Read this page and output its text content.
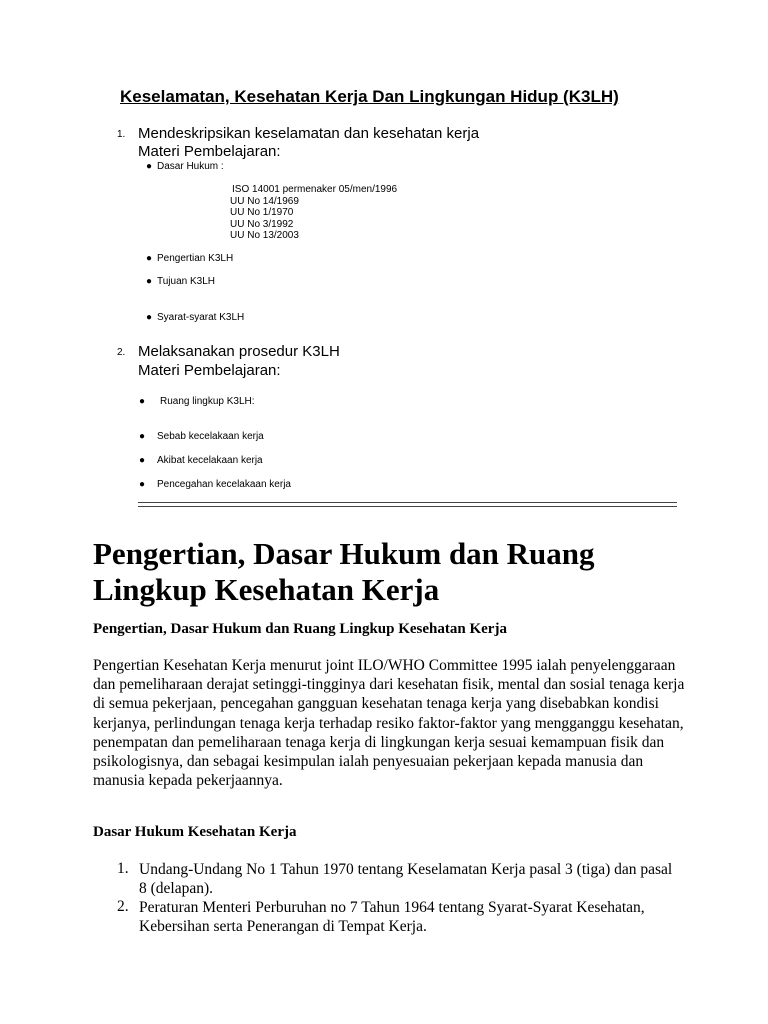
Keselamatan, Kesehatan Kerja Dan Lingkungan Hidup (K3LH)
1. Mendeskripsikan keselamatan dan kesehatan kerja
Materi Pembelajaran:
● Dasar Hukum :
ISO 14001 permenaker 05/men/1996
UU No 14/1969
UU No 1/1970
UU No 3/1992
UU No 13/2003
● Pengertian K3LH
● Tujuan K3LH
● Syarat-syarat K3LH
2. Melaksanakan prosedur K3LH
Materi Pembelajaran:
● Ruang lingkup K3LH:
● Sebab kecelakaan kerja
● Akibat kecelakaan kerja
● Pencegahan kecelakaan kerja
Pengertian, Dasar Hukum dan Ruang Lingkup Kesehatan Kerja
Pengertian, Dasar Hukum dan Ruang Lingkup Kesehatan Kerja
Pengertian Kesehatan Kerja menurut joint ILO/WHO Committee 1995 ialah penyelenggaraan dan pemeliharaan derajat setinggi-tingginya dari kesehatan fisik, mental dan sosial tenaga kerja di semua pekerjaan, pencegahan gangguan kesehatan tenaga kerja yang disebabkan kondisi kerjanya, perlindungan tenaga kerja terhadap resiko faktor-faktor yang mengganggu kesehatan, penempatan dan pemeliharaan tenaga kerja di lingkungan kerja sesuai kemampuan fisik dan psikologisnya, dan sebagai kesimpulan ialah penyesuaian pekerjaan kepada manusia dan manusia kepada pekerjaannya.
Dasar Hukum Kesehatan Kerja
1. Undang-Undang No 1 Tahun 1970 tentang Keselamatan Kerja pasal 3 (tiga) dan pasal 8 (delapan).
2. Peraturan Menteri Perburuhan no 7 Tahun 1964 tentang Syarat-Syarat Kesehatan, Kebersihan serta Penerangan di Tempat Kerja.
